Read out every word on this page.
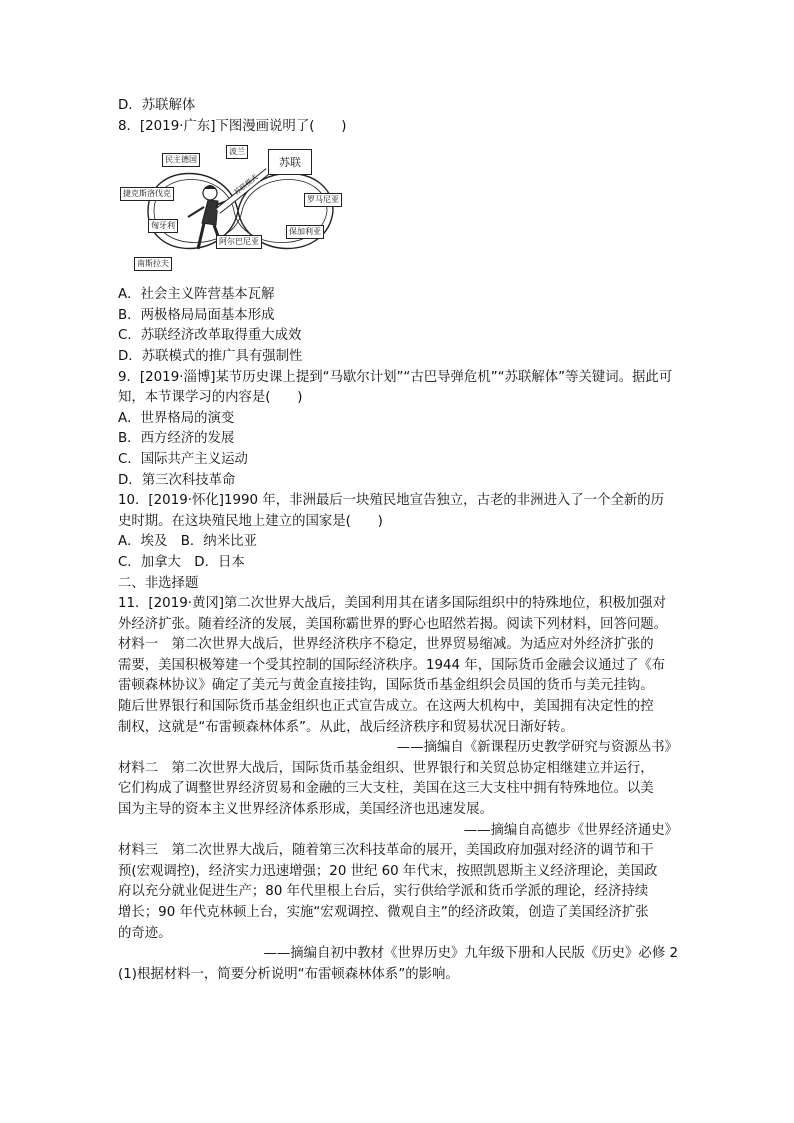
D．苏联解体
8．[2019·广东]下图漫画说明了(　　)
苏联
波兰
民主德国
捷克斯洛伐克
匈牙利
阿尔巴尼亚
罗马尼亚
保加利亚
南斯拉夫
苏联模式
A．社会主义阵营基本瓦解
B．两极格局局面基本形成
C．苏联经济改革取得重大成效
D．苏联模式的推广具有强制性
9．[2019·淄博]某节历史课上提到“马歇尔计划”“古巴导弹危机”“苏联解体”等关键词。据此可
知，本节课学习的内容是(　　)
A．世界格局的演变
B．西方经济的发展
C．国际共产主义运动
D．第三次科技革命
10．[2019·怀化]1990 年，非洲最后一块殖民地宣告独立，古老的非洲进入了一个全新的历
史时期。在这块殖民地上建立的国家是(　　)
A．埃及　B．纳米比亚
C．加拿大　D．日本
二、非选择题
11．[2019·黄冈]第二次世界大战后，美国利用其在诸多国际组织中的特殊地位，积极加强对
外经济扩张。随着经济的发展，美国称霸世界的野心也昭然若揭。阅读下列材料，回答问题。
材料一　第二次世界大战后，世界经济秩序不稳定，世界贸易缩减。为适应对外经济扩张的
需要，美国积极筹建一个受其控制的国际经济秩序。1944 年，国际货币金融会议通过了《布
雷顿森林协议》确定了美元与黄金直接挂钩，国际货币基金组织会员国的货币与美元挂钩。
随后世界银行和国际货币基金组织也正式宣告成立。在这两大机构中，美国拥有决定性的控
制权，这就是“布雷顿森林体系”。从此，战后经济秩序和贸易状况日渐好转。
——摘编自《新课程历史教学研究与资源丛书》
材料二　第二次世界大战后，国际货币基金组织、世界银行和关贸总协定相继建立并运行，
它们构成了调整世界经济贸易和金融的三大支柱，美国在这三大支柱中拥有特殊地位。以美
国为主导的资本主义世界经济体系形成，美国经济也迅速发展。
——摘编自高德步《世界经济通史》
材料三　第二次世界大战后，随着第三次科技革命的展开，美国政府加强对经济的调节和干
预(宏观调控)，经济实力迅速增强；20 世纪 60 年代末，按照凯恩斯主义经济理论，美国政
府以充分就业促进生产；80 年代里根上台后，实行供给学派和货币学派的理论，经济持续
增长；90 年代克林顿上台，实施“宏观调控、微观自主”的经济政策，创造了美国经济扩张
的奇迹。
——摘编自初中教材《世界历史》九年级下册和人民版《历史》必修 2
(1)根据材料一，简要分析说明“布雷顿森林体系”的影响。
